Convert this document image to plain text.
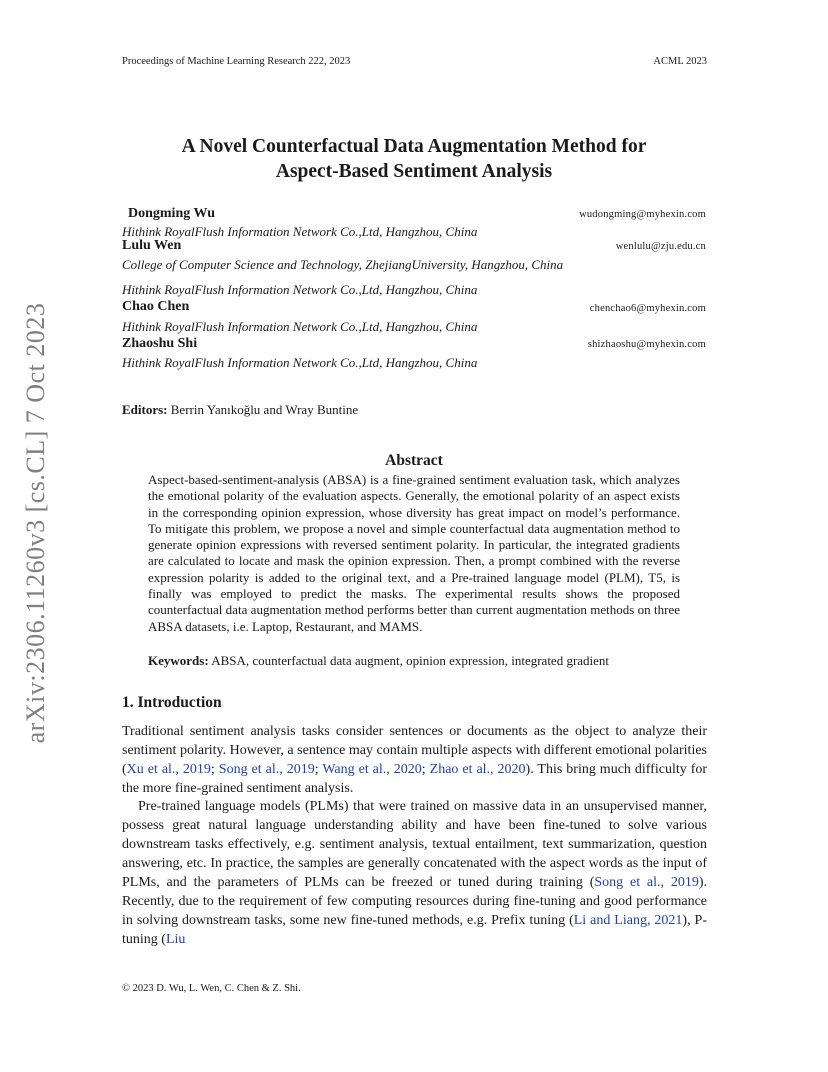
Proceedings of Machine Learning Research 222, 2023	ACML 2023
arXiv:2306.11260v3 [cs.CL] 7 Oct 2023
A Novel Counterfactual Data Augmentation Method for
Aspect-Based Sentiment Analysis
Dongming Wu	wudongming@myhexin.com
Hithink RoyalFlush Information Network Co.,Ltd, Hangzhou, China
Lulu Wen	wenlulu@zju.edu.cn
College of Computer Science and Technology, ZhejiangUniversity, Hangzhou, China
Hithink RoyalFlush Information Network Co.,Ltd, Hangzhou, China
Chao Chen	chenchao6@myhexin.com
Hithink RoyalFlush Information Network Co.,Ltd, Hangzhou, China
Zhaoshu Shi	shizhaoshu@myhexin.com
Hithink RoyalFlush Information Network Co.,Ltd, Hangzhou, China
Editors: Berrin Yanıkoğlu and Wray Buntine
Abstract

Aspect-based-sentiment-analysis (ABSA) is a fine-grained sentiment evaluation task, which analyzes the emotional polarity of the evaluation aspects. Generally, the emotional polarity of an aspect exists in the corresponding opinion expression, whose diversity has great impact on model’s performance. To mitigate this problem, we propose a novel and simple counterfactual data augmentation method to generate opinion expressions with reversed sentiment polarity. In particular, the integrated gradients are calculated to locate and mask the opinion expression. Then, a prompt combined with the reverse expression polarity is added to the original text, and a Pre-trained language model (PLM), T5, is finally was employed to predict the masks. The experimental results shows the proposed counterfactual data augmentation method performs better than current augmentation methods on three ABSA datasets, i.e. Laptop, Restaurant, and MAMS.

Keywords: ABSA, counterfactual data augment, opinion expression, integrated gradient
1. Introduction

Traditional sentiment analysis tasks consider sentences or documents as the object to analyze their sentiment polarity. However, a sentence may contain multiple aspects with different emotional polarities (Xu et al., 2019; Song et al., 2019; Wang et al., 2020; Zhao et al., 2020). This bring much difficulty for the more fine-grained sentiment analysis.

Pre-trained language models (PLMs) that were trained on massive data in an unsupervised manner, possess great natural language understanding ability and have been fine-tuned to solve various downstream tasks effectively, e.g. sentiment analysis, textual entailment, text summarization, question answering, etc. In practice, the samples are generally concatenated with the aspect words as the input of PLMs, and the parameters of PLMs can be freezed or tuned during training (Song et al., 2019). Recently, due to the requirement of few computing resources during fine-tuning and good performance in solving downstream tasks, some new fine-tuned methods, e.g. Prefix tuning (Li and Liang, 2021), P-tuning (Liu

© 2023 D. Wu, L. Wen, C. Chen & Z. Shi.
